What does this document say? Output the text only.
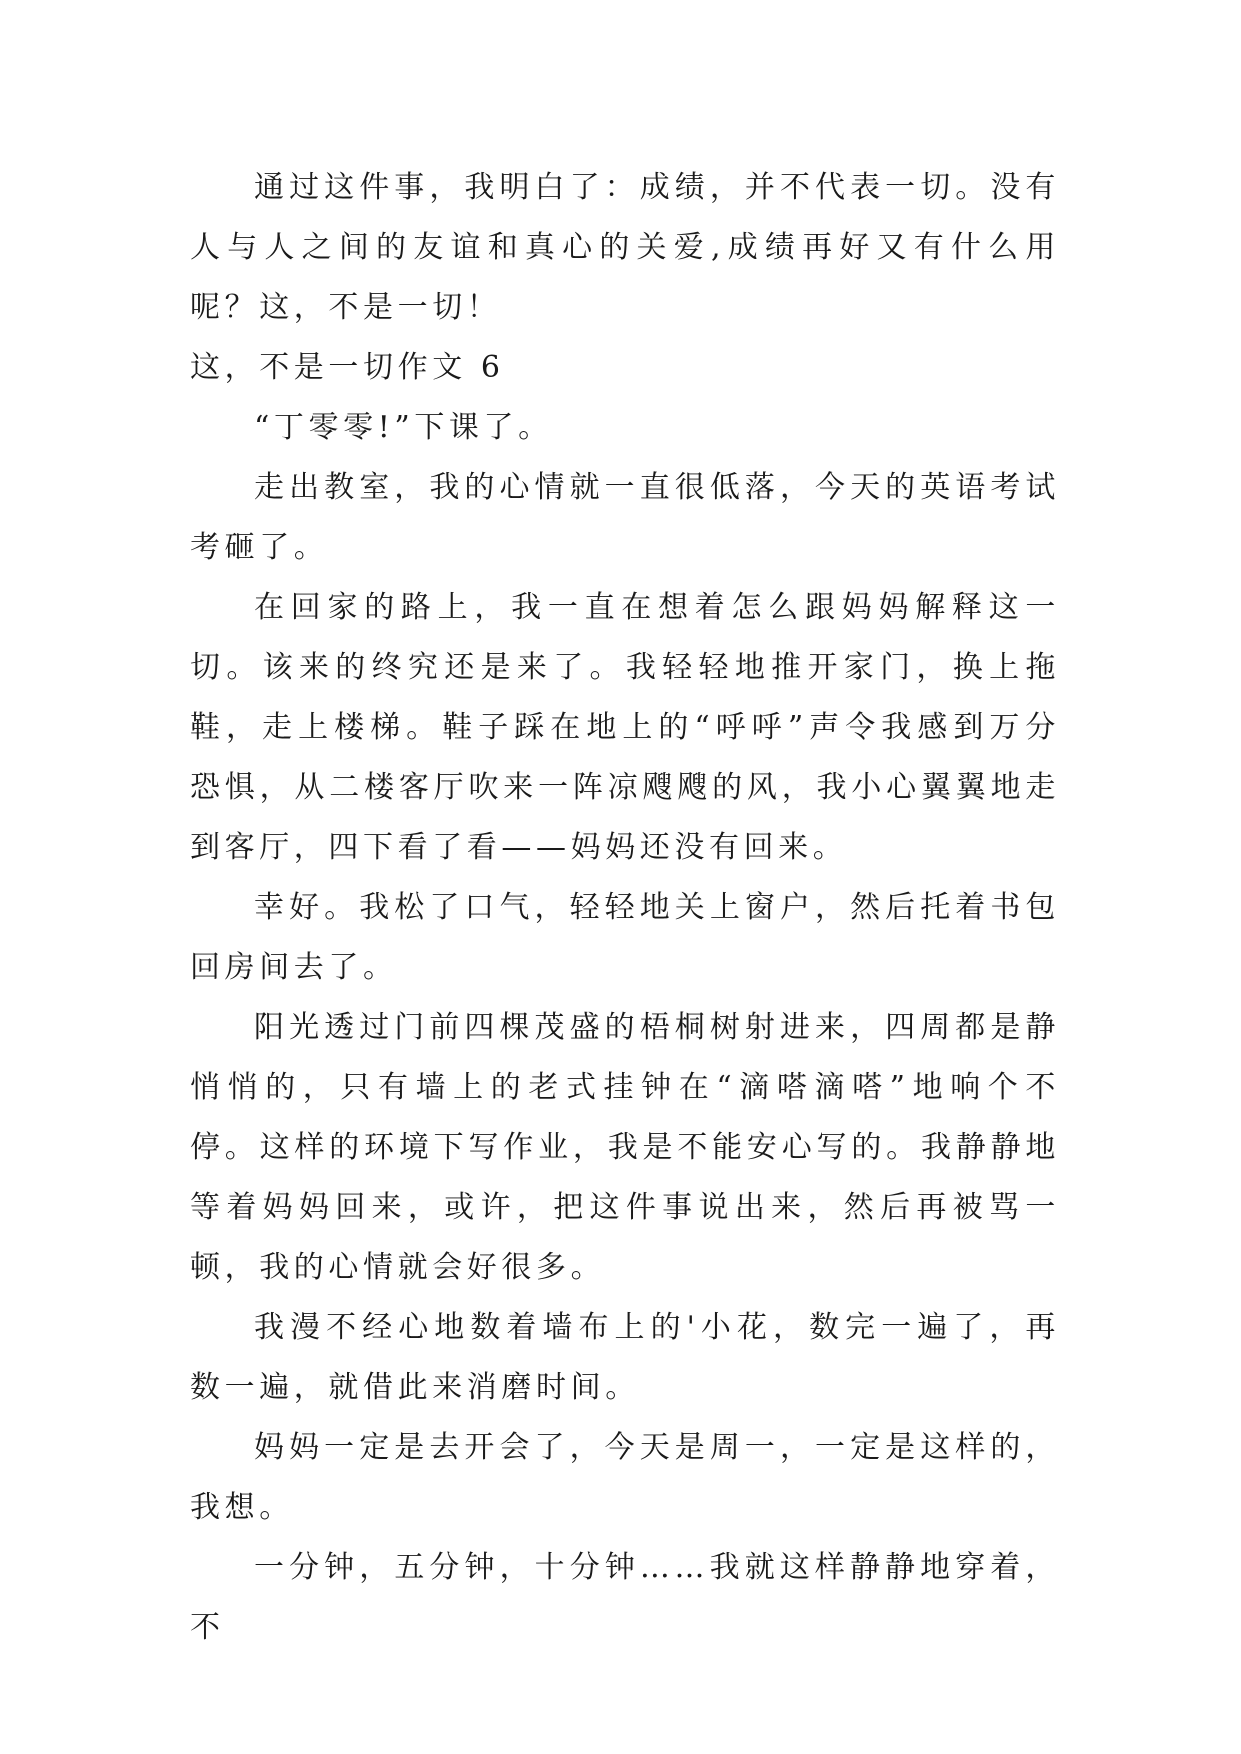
通过这件事，我明白了：成绩，并不代表一切。没有人与人之间的友谊和真心的关爱,成绩再好又有什么用呢？这，不是一切！

这，不是一切作文 6

“丁零零!”下课了。

走出教室，我的心情就一直很低落，今天的英语考试考砸了。

在回家的路上，我一直在想着怎么跟妈妈解释这一切。该来的终究还是来了。我轻轻地推开家门，换上拖鞋，走上楼梯。鞋子踩在地上的“呼呼”声令我感到万分恐惧，从二楼客厅吹来一阵凉飕飕的风，我小心翼翼地走到客厅，四下看了看——妈妈还没有回来。

幸好。我松了口气，轻轻地关上窗户，然后托着书包回房间去了。

阳光透过门前四棵茂盛的梧桐树射进来，四周都是静悄悄的，只有墙上的老式挂钟在“滴嗒滴嗒”地响个不停。这样的环境下写作业，我是不能安心写的。我静静地等着妈妈回来，或许，把这件事说出来，然后再被骂一顿，我的心情就会好很多。

我漫不经心地数着墙布上的'小花，数完一遍了，再数一遍，就借此来消磨时间。

妈妈一定是去开会了，今天是周一，一定是这样的，我想。

一分钟，五分钟，十分钟……我就这样静静地穿着，不
